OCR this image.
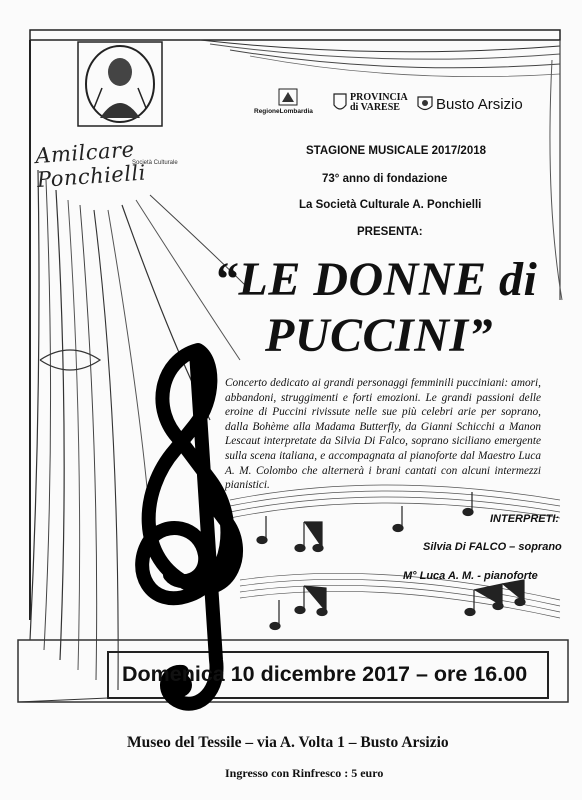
Amilcare Ponchielli
Società Culturale
RegioneLombardia
PROVINCIA
di VARESE	Busto Arsizio
STAGIONE MUSICALE 2017/2018
73° anno di fondazione
La Società Culturale A. Ponchielli
PRESENTA:
“LE DONNE di
PUCCINI”
Concerto dedicato ai grandi personaggi femminili pucciniani: amori, abbandoni, struggimenti e forti emozioni. Le grandi passioni delle eroine di Puccini rivissute nelle sue più celebri arie per soprano, dalla Bohème alla Madama Butterfly, da Gianni Schicchi a Manon Lescaut interpretate da Silvia Di Falco, soprano siciliano emergente sulla scena italiana, e accompagnata al pianoforte dal Maestro Luca A. M. Colombo che alternerà i brani cantati con alcuni intermezzi pianistici.
INTERPRETI:
Silvia Di FALCO – soprano
M° Luca A. M. - pianoforte
Domenica 10 dicembre 2017 – ore 16.00
Museo del Tessile – via A. Volta 1 – Busto Arsizio
Ingresso con Rinfresco : 5 euro
